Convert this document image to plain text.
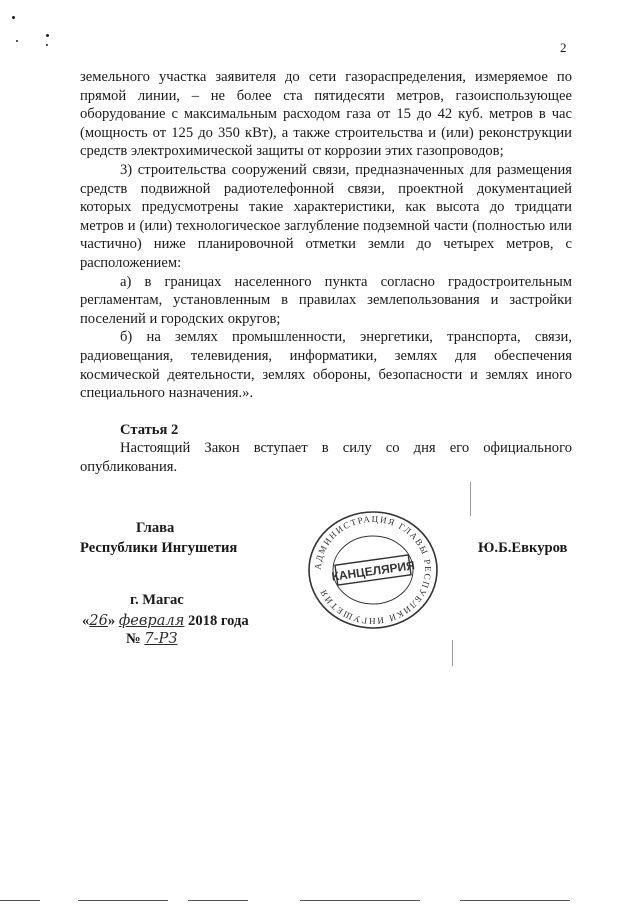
2

земельного участка заявителя до сети газораспределения, измеряемое по прямой линии, – не более ста пятидесяти метров, газоиспользующее оборудование с максимальным расходом газа от 15 до 42 куб. метров в час (мощность от 125 до 350 кВт), а также строительства и (или) реконструкции средств электрохимической защиты от коррозии этих газопроводов;

3) строительства сооружений связи, предназначенных для размещения средств подвижной радиотелефонной связи, проектной документацией которых предусмотрены такие характеристики, как высота до тридцати метров и (или) технологическое заглубление подземной части (полностью или частично) ниже планировочной отметки земли до четырех метров, с расположением:

а) в границах населенного пункта согласно градостроительным регламентам, установленным в правилах землепользования и застройки поселений и городских округов;

б) на землях промышленности, энергетики, транспорта, связи, радиовещания, телевидения, информатики, землях для обеспечения космической деятельности, землях обороны, безопасности и землях иного специального назначения.».

Статья 2

Настоящий Закон вступает в силу со дня его официального опубликования.

Глава
Республики Ингушетия	Ю.Б.Евкуров
АДМИНИСТРАЦИЯ ГЛАВЫ РЕСПУБЛИКИ ИНГУШЕТИЯ
КАНЦЕЛЯРИЯ
г. Магас
«26» февраля 2018 года
№ 7-РЗ
